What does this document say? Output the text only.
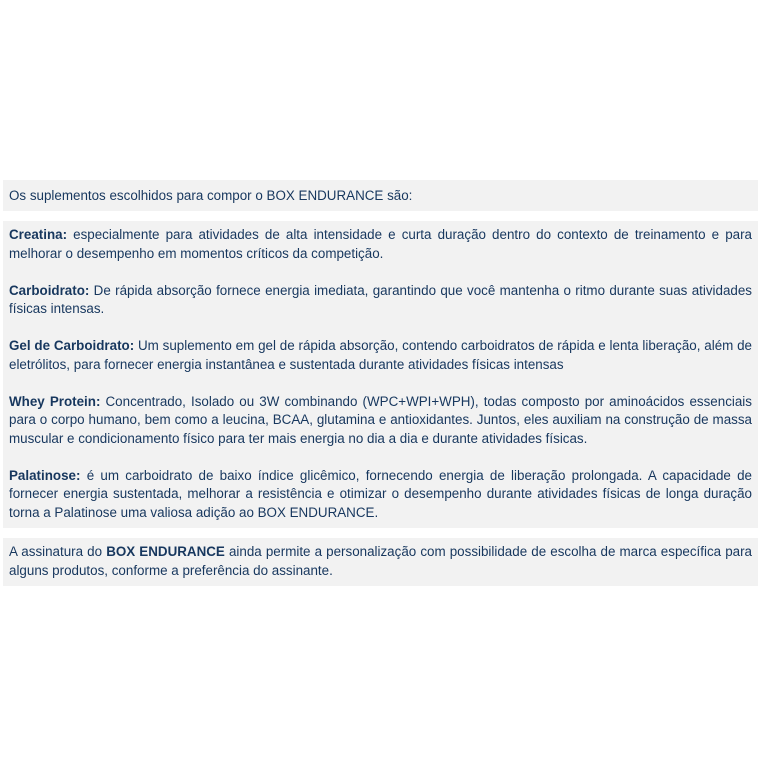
Os suplementos escolhidos para compor o BOX ENDURANCE são:

Creatina: especialmente para atividades de alta intensidade e curta duração dentro do contexto de treinamento e para melhorar o desempenho em momentos críticos da competição.

Carboidrato: De rápida absorção fornece energia imediata, garantindo que você mantenha o ritmo durante suas atividades físicas intensas.

Gel de Carboidrato: Um suplemento em gel de rápida absorção, contendo carboidratos de rápida e lenta liberação, além de eletrólitos, para fornecer energia instantânea e sustentada durante atividades físicas intensas

Whey Protein: Concentrado, Isolado ou 3W combinando (WPC+WPI+WPH), todas composto por aminoácidos essenciais para o corpo humano, bem como a leucina, BCAA, glutamina e antioxidantes. Juntos, eles auxiliam na construção de massa muscular e condicionamento físico para ter mais energia no dia a dia e durante atividades físicas.

Palatinose: é um carboidrato de baixo índice glicêmico, fornecendo energia de liberação prolongada. A capacidade de fornecer energia sustentada, melhorar a resistência e otimizar o desempenho durante atividades físicas de longa duração torna a Palatinose uma valiosa adição ao BOX ENDURANCE.

A assinatura do BOX ENDURANCE ainda permite a personalização com possibilidade de escolha de marca específica para alguns produtos, conforme a preferência do assinante.
